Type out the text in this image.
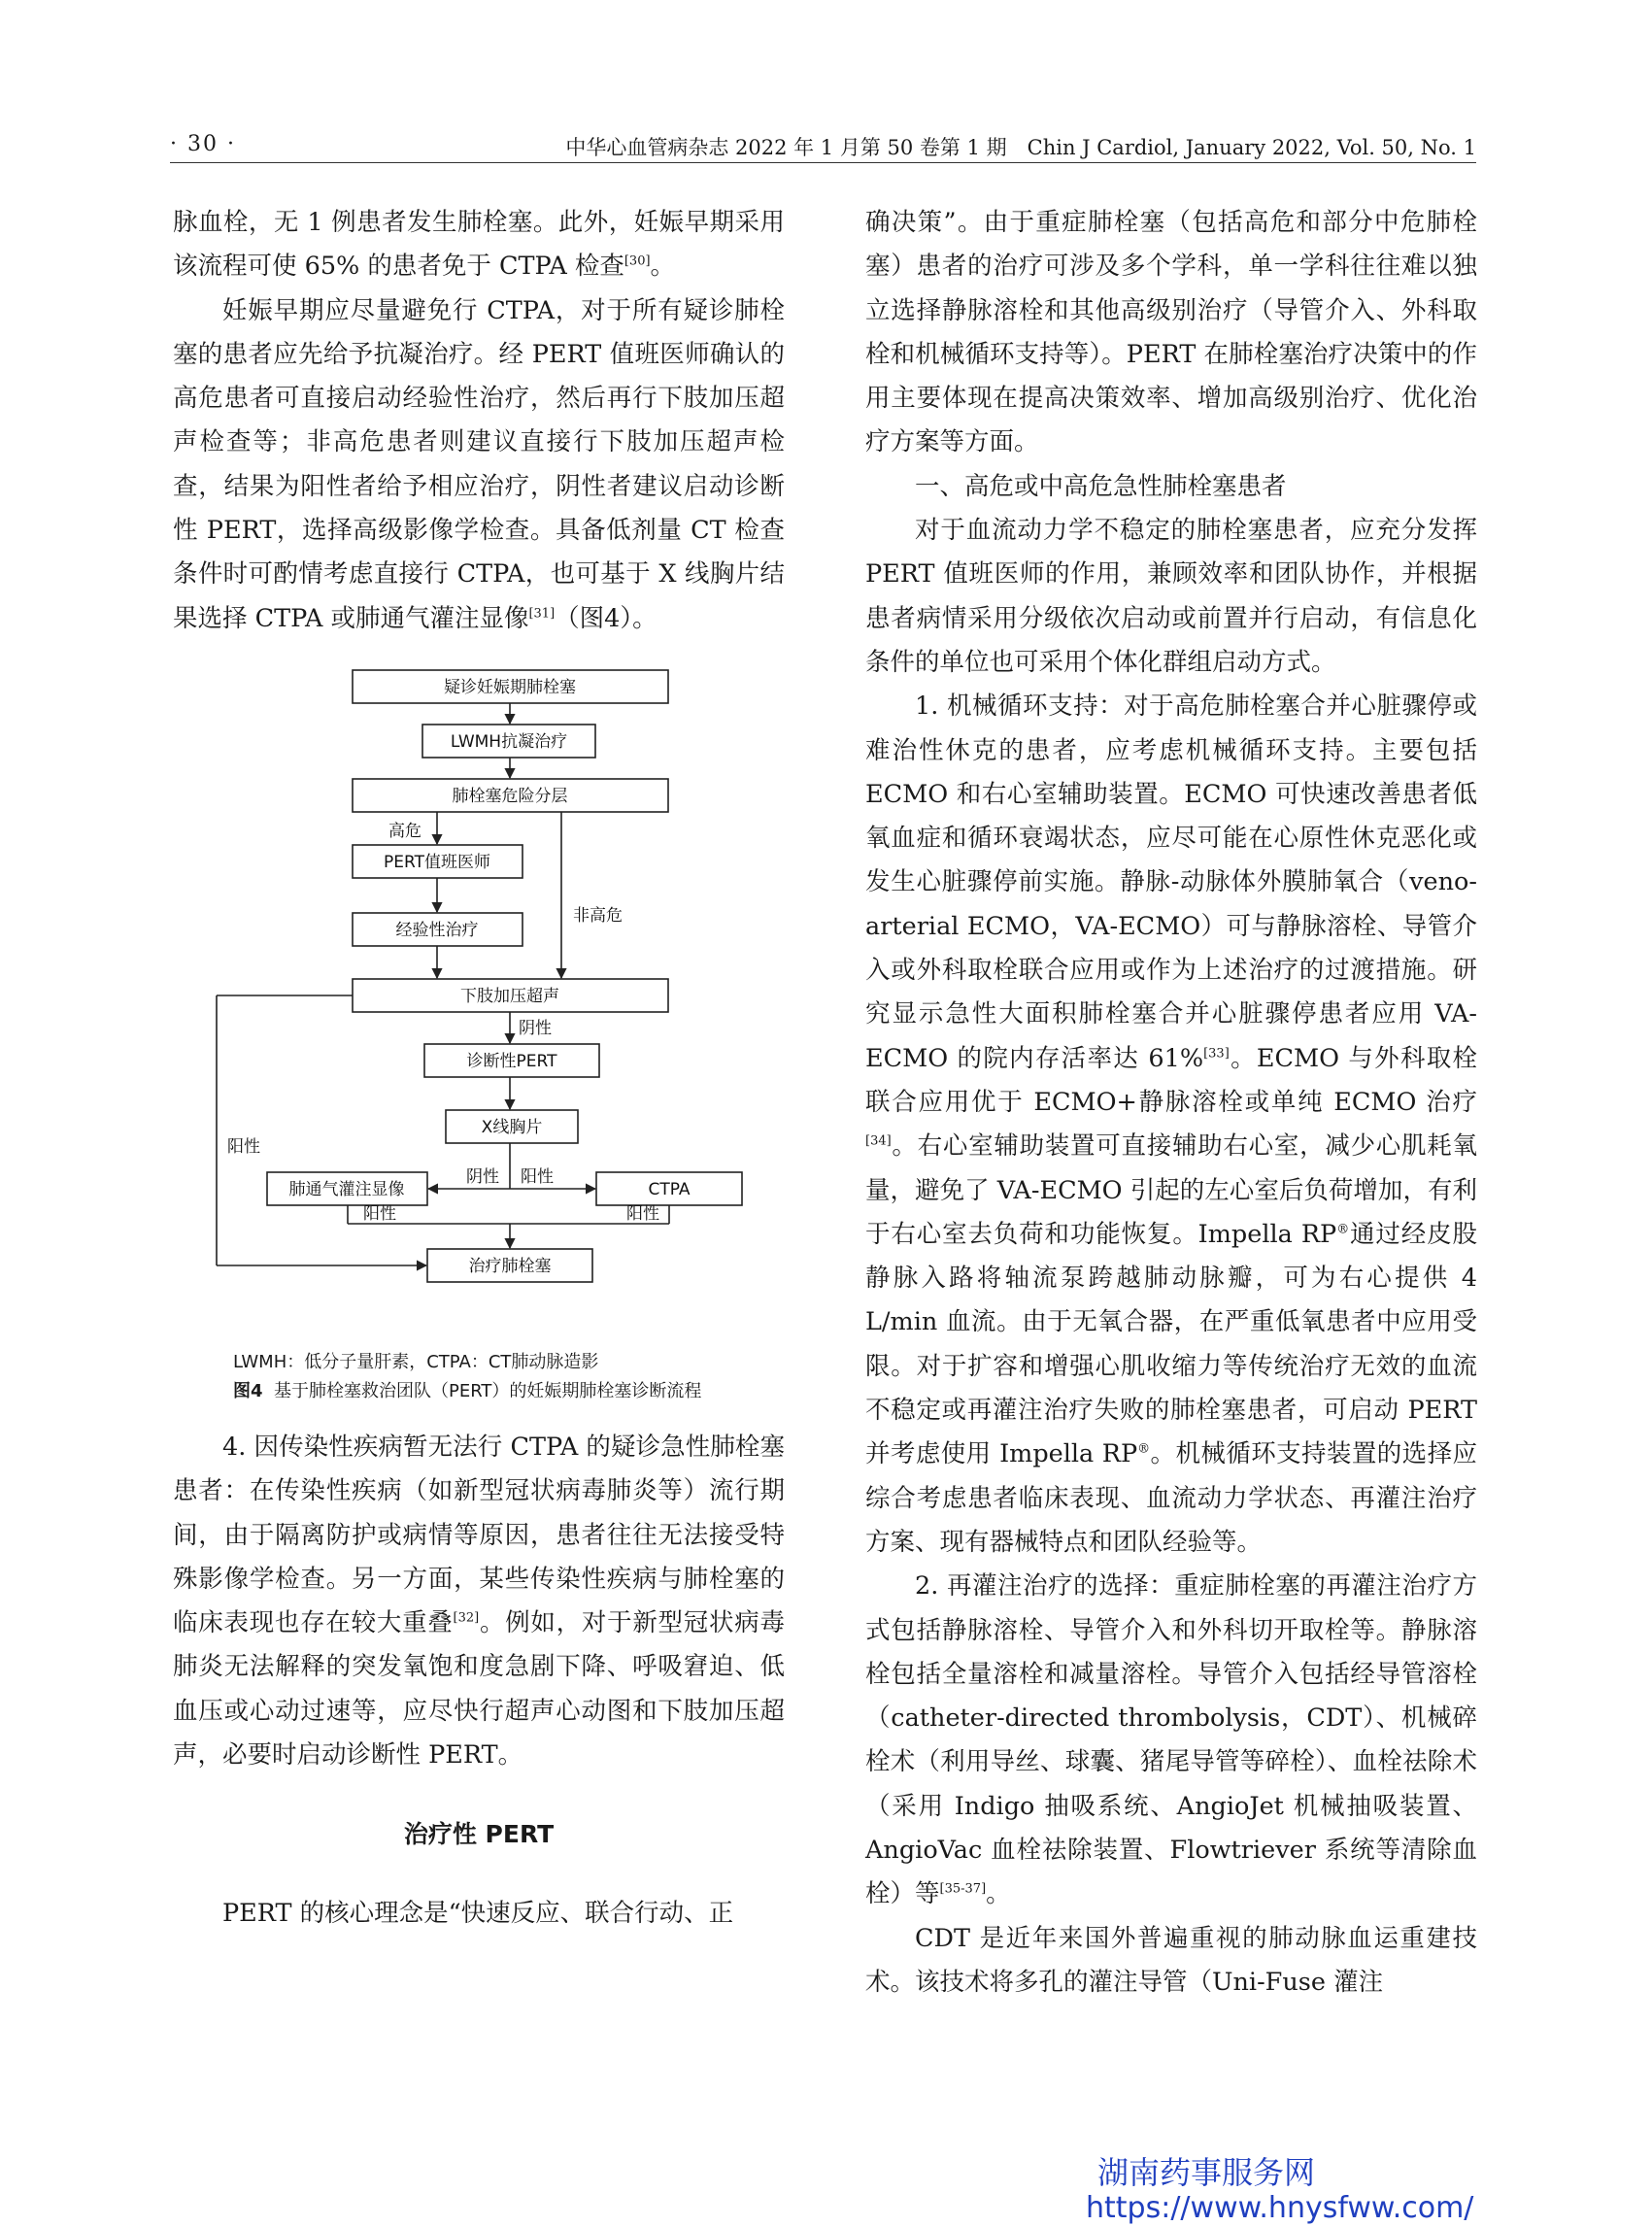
· 30 ·	中华心血管病杂志 2022 年 1 月第 50 卷第 1 期　Chin J Cardiol, January 2022, Vol. 50, No. 1

脉血栓，无 1 例患者发生肺栓塞。此外，妊娠早期采用该流程可使 65% 的患者免于 CTPA 检查[30]。

妊娠早期应尽量避免行 CTPA，对于所有疑诊肺栓塞的患者应先给予抗凝治疗。经 PERT 值班医师确认的高危患者可直接启动经验性治疗，然后再行下肢加压超声检查等；非高危患者则建议直接行下肢加压超声检查，结果为阳性者给予相应治疗，阴性者建议启动诊断性 PERT，选择高级影像学检查。具备低剂量 CT 检查条件时可酌情考虑直接行 CTPA，也可基于 X 线胸片结果选择 CTPA 或肺通气灌注显像[31]（图4）。

疑诊妊娠期肺栓塞
LWMH抗凝治疗
肺栓塞危险分层
PERT值班医师
经验性治疗
下肢加压超声
诊断性PERT
X线胸片
肺通气灌注显像	CTPA
治疗肺栓塞
高危
非高危
阴性
阳性
阴性 阳性
阳性	阳性
LWMH：低分子量肝素，CTPA：CT肺动脉造影
图4 基于肺栓塞救治团队（PERT）的妊娠期肺栓塞诊断流程

4. 因传染性疾病暂无法行 CTPA 的疑诊急性肺栓塞患者：在传染性疾病（如新型冠状病毒肺炎等）流行期间，由于隔离防护或病情等原因，患者往往无法接受特殊影像学检查。另一方面，某些传染性疾病与肺栓塞的临床表现也存在较大重叠[32]。例如，对于新型冠状病毒肺炎无法解释的突发氧饱和度急剧下降、呼吸窘迫、低血压或心动过速等，应尽快行超声心动图和下肢加压超声，必要时启动诊断性 PERT。

治疗性 PERT

PERT 的核心理念是“快速反应、联合行动、正

确决策”。由于重症肺栓塞（包括高危和部分中危肺栓塞）患者的治疗可涉及多个学科，单一学科往往难以独立选择静脉溶栓和其他高级别治疗（导管介入、外科取栓和机械循环支持等）。PERT 在肺栓塞治疗决策中的作用主要体现在提高决策效率、增加高级别治疗、优化治疗方案等方面。

一、高危或中高危急性肺栓塞患者

对于血流动力学不稳定的肺栓塞患者，应充分发挥 PERT 值班医师的作用，兼顾效率和团队协作，并根据患者病情采用分级依次启动或前置并行启动，有信息化条件的单位也可采用个体化群组启动方式。

1. 机械循环支持：对于高危肺栓塞合并心脏骤停或难治性休克的患者，应考虑机械循环支持。主要包括 ECMO 和右心室辅助装置。ECMO 可快速改善患者低氧血症和循环衰竭状态，应尽可能在心原性休克恶化或发生心脏骤停前实施。静脉-动脉体外膜肺氧合（veno-arterial ECMO，VA-ECMO）可与静脉溶栓、导管介入或外科取栓联合应用或作为上述治疗的过渡措施。研究显示急性大面积肺栓塞合并心脏骤停患者应用 VA-ECMO 的院内存活率达 61%[33]。ECMO 与外科取栓联合应用优于 ECMO+静脉溶栓或单纯 ECMO 治疗[34]。右心室辅助装置可直接辅助右心室，减少心肌耗氧量，避免了 VA-ECMO 引起的左心室后负荷增加，有利于右心室去负荷和功能恢复。Impella RP®通过经皮股静脉入路将轴流泵跨越肺动脉瓣，可为右心提供 4 L/min 血流。由于无氧合器，在严重低氧患者中应用受限。对于扩容和增强心肌收缩力等传统治疗无效的血流不稳定或再灌注治疗失败的肺栓塞患者，可启动 PERT 并考虑使用 Impella RP®。机械循环支持装置的选择应综合考虑患者临床表现、血流动力学状态、再灌注治疗方案、现有器械特点和团队经验等。

2. 再灌注治疗的选择：重症肺栓塞的再灌注治疗方式包括静脉溶栓、导管介入和外科切开取栓等。静脉溶栓包括全量溶栓和减量溶栓。导管介入包括经导管溶栓（catheter-directed thrombolysis，CDT）、机械碎栓术（利用导丝、球囊、猪尾导管等碎栓）、血栓祛除术（采用 Indigo 抽吸系统、AngioJet 机械抽吸装置、AngioVac 血栓祛除装置、Flowtriever 系统等清除血栓）等[35-37]。

CDT 是近年来国外普遍重视的肺动脉血运重建技术。该技术将多孔的灌注导管（Uni-Fuse 灌注

湖南药事服务网
https://www.hnysfww.com/
